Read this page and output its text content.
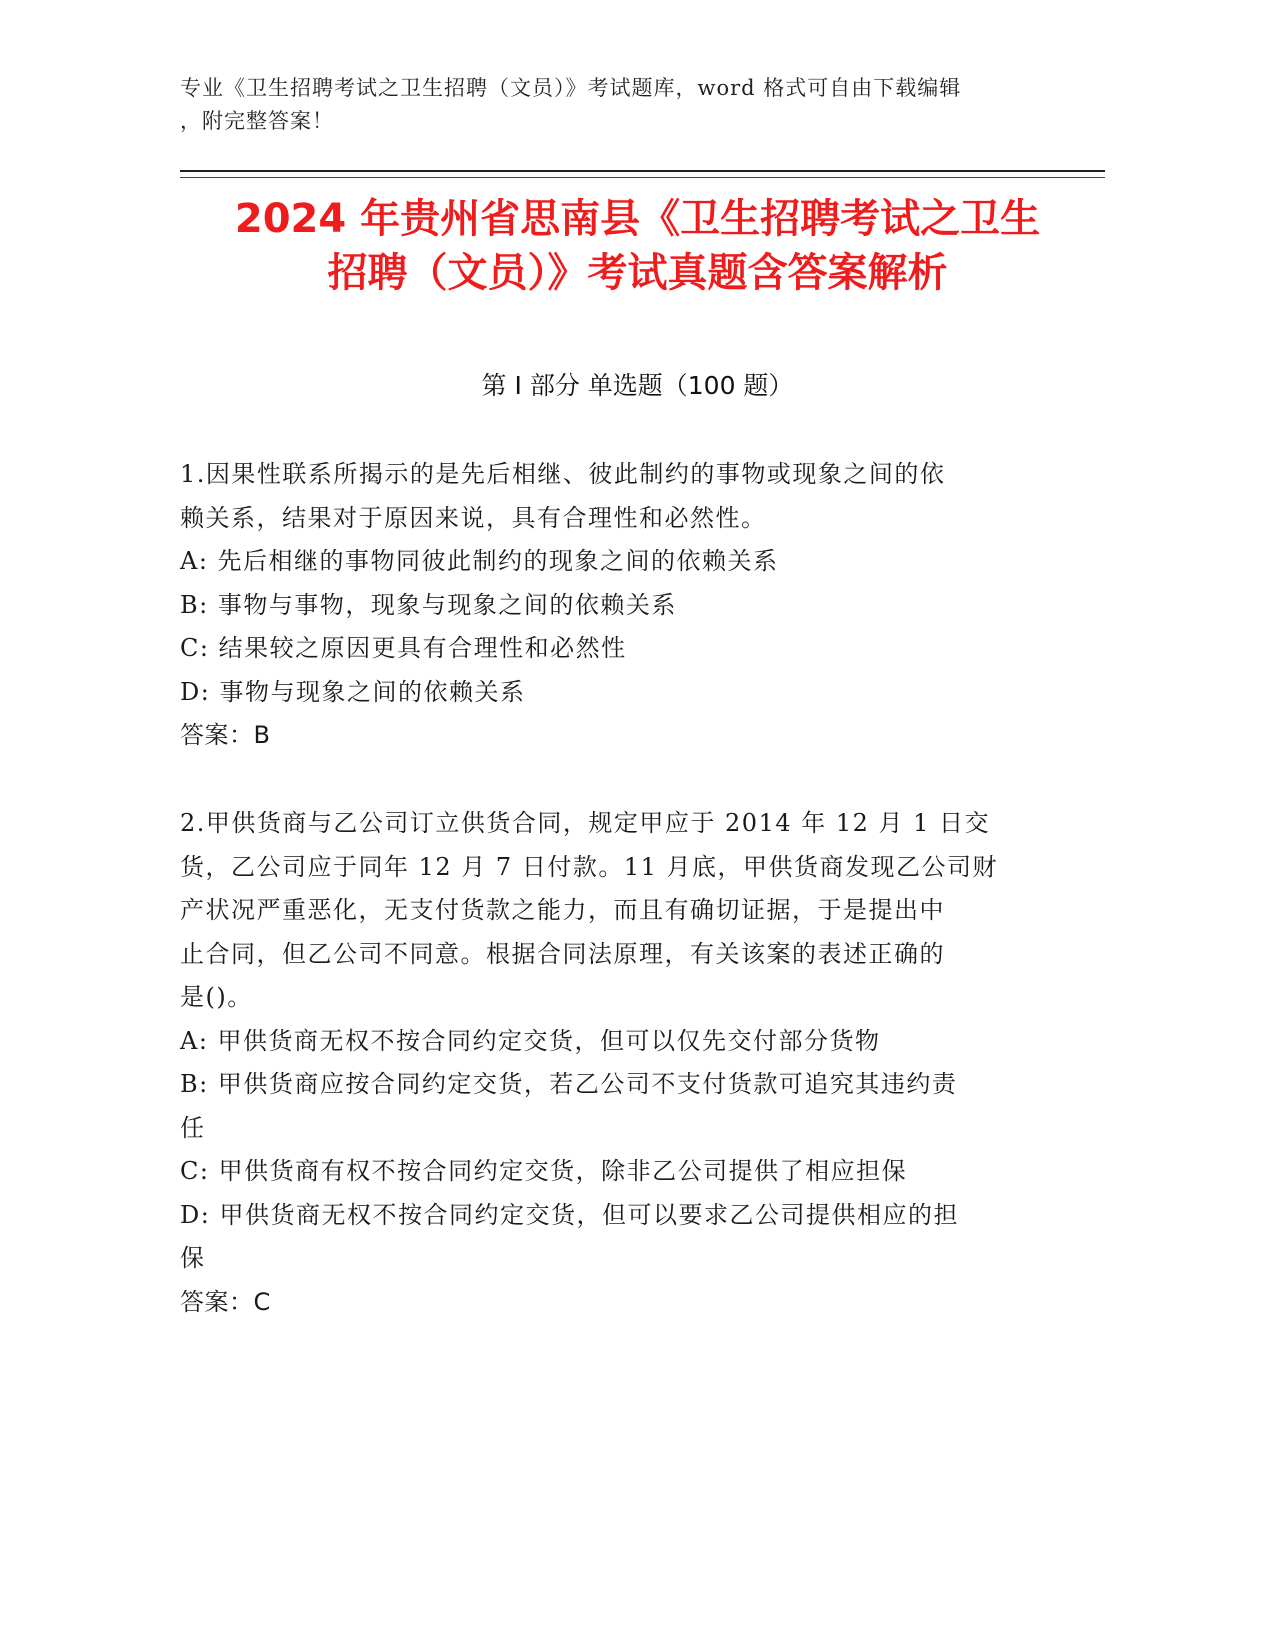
专业《卫生招聘考试之卫生招聘（文员）》考试题库，word 格式可自由下载编辑
，附完整答案！
2024 年贵州省思南县《卫生招聘考试之卫生
招聘（文员）》考试真题含答案解析
第 I 部分 单选题（100 题）
1.因果性联系所揭示的是先后相继、彼此制约的事物或现象之间的依
赖关系，结果对于原因来说，具有合理性和必然性。
A: 先后相继的事物同彼此制约的现象之间的依赖关系
B: 事物与事物，现象与现象之间的依赖关系
C: 结果较之原因更具有合理性和必然性
D: 事物与现象之间的依赖关系
答案：B
2.甲供货商与乙公司订立供货合同，规定甲应于 2014 年 12 月 1 日交
货，乙公司应于同年 12 月 7 日付款。11 月底，甲供货商发现乙公司财
产状况严重恶化，无支付货款之能力，而且有确切证据，于是提出中
止合同，但乙公司不同意。根据合同法原理，有关该案的表述正确的
是()。
A: 甲供货商无权不按合同约定交货，但可以仅先交付部分货物
B: 甲供货商应按合同约定交货，若乙公司不支付货款可追究其违约责
任
C: 甲供货商有权不按合同约定交货，除非乙公司提供了相应担保
D: 甲供货商无权不按合同约定交货，但可以要求乙公司提供相应的担
保
答案：C
